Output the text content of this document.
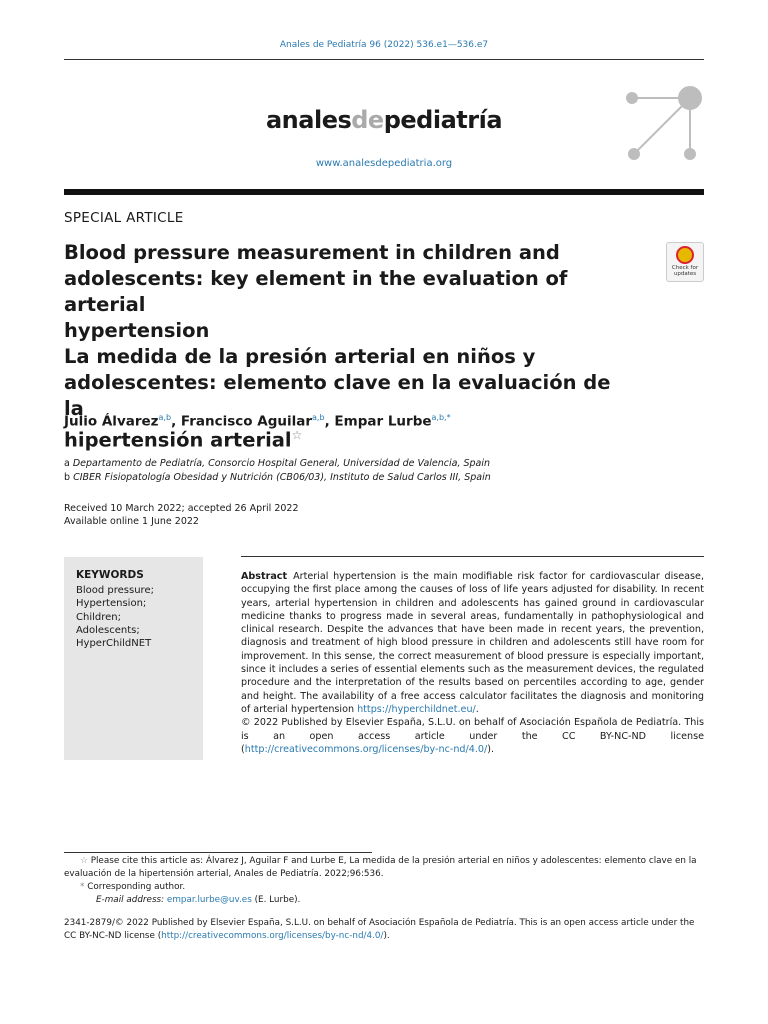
Anales de Pediatría 96 (2022) 536.e1—536.e7
analesdepediatría
www.analesdepediatria.org
SPECIAL ARTICLE
Blood pressure measurement in children and
adolescents: key element in the evaluation of arterial
hypertension
La medida de la presión arterial en niños y
adolescentes: elemento clave en la evaluación de la
hipertensión arterial☆
Check for updates
Julio Álvarez$^{a,b}$, Francisco Aguilar$^{a,b}$, Empar Lurbe$^{a,b,*}$
a Departamento de Pediatría, Consorcio Hospital General, Universidad de Valencia, Spain
b CIBER Fisiopatología Obesidad y Nutrición (CB06/03), Instituto de Salud Carlos III, Spain
Received 10 March 2022; accepted 26 April 2022
Available online 1 June 2022
KEYWORDS
Blood pressure;
Hypertension;
Children;
Adolescents;
HyperChildNET
Abstract Arterial hypertension is the main modifiable risk factor for cardiovascular disease, occupying the first place among the causes of loss of life years adjusted for disability. In recent years, arterial hypertension in children and adolescents has gained ground in cardiovascular medicine thanks to progress made in several areas, fundamentally in pathophysiological and clinical research. Despite the advances that have been made in recent years, the prevention, diagnosis and treatment of high blood pressure in children and adolescents still have room for improvement. In this sense, the correct measurement of blood pressure is especially important, since it includes a series of essential elements such as the measurement devices, the regulated procedure and the interpretation of the results based on percentiles according to age, gender and height. The availability of a free access calculator facilitates the diagnosis and monitoring of arterial hypertension https://hyperchildnet.eu/.
© 2022 Published by Elsevier España, S.L.U. on behalf of Asociación Española de Pediatría. This is an open access article under the CC BY-NC-ND license (http://creativecommons.org/licenses/by-nc-nd/4.0/).
☆ Please cite this article as: Álvarez J, Aguilar F and Lurbe E, La medida de la presión arterial en niños y adolescentes: elemento clave en la evaluación de la hipertensión arterial, Anales de Pediatría. 2022;96:536.
* Corresponding author.
E-mail address: empar.lurbe@uv.es (E. Lurbe).
2341-2879/© 2022 Published by Elsevier España, S.L.U. on behalf of Asociación Española de Pediatría. This is an open access article under the CC BY-NC-ND license (http://creativecommons.org/licenses/by-nc-nd/4.0/).
